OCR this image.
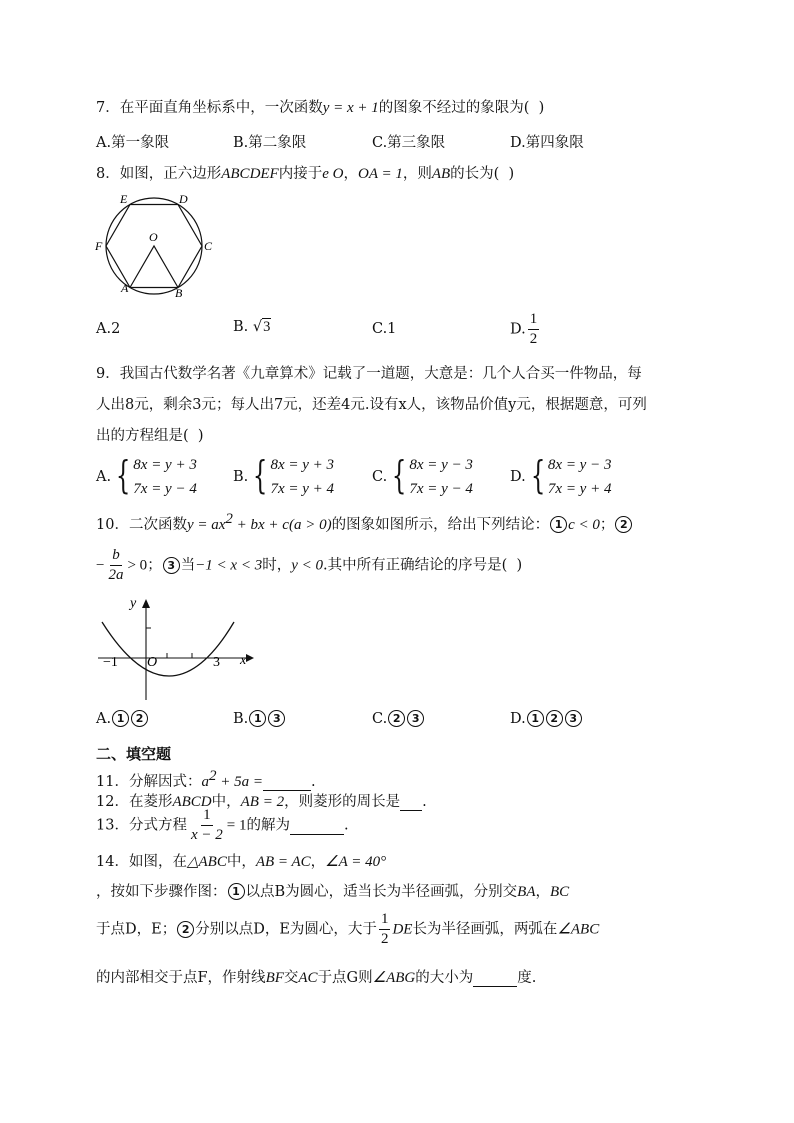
7．在平面直角坐标系中，一次函数y = x + 1的图象不经过的象限为(  )
A.第一象限	B.第二象限	C.第三象限	D.第四象限
8．如图，正六边形ABCDEF内接于e O，OA = 1，则AB的长为(  )
E	D
F	C
O
A	B
A.2	B. √3	C.1	D. $\frac{1}{2}$
9．我国古代数学名著《九章算术》记载了一道题，大意是：几个人合买一件物品，每
人出8元，剩余3元；每人出7元，还差4元.设有x人，该物品价值y元，根据题意，可列
出的方程组是(  )
A. { 8x = y + 3
7x = y − 4
B. { 8x = y + 3
7x = y + 4
C. { 8x = y − 3
7x = y − 4
D. { 8x = y − 3
7x = y + 4
10．二次函数$y = ax^2$ + bx + c(a > 0)的图象如图所示，给出下列结论： 1 c < 0； 2
− $\frac{b}{2a} > 0$； 3 当−1 < x < 3时，y < 0.其中所有正确结论的序号是(  )
y
x
−1 O	3
A. 1 2	B. 1 3	C. 2 3	D. 1 2 3
二、填空题
11．分解因式：$a^2 + 5a$ =	.
12．在菱形ABCD中，AB = 2，则菱形的周长是 .
13．分式方程 $\frac{1}{x - 2} = 1$的解为	.
14．如图，在△ABC中，AB = AC，∠A = 40°
，按如下步骤作图： 1 以点B为圆心，适当长为半径画弧，分别交BA，BC
于点D，E； 2 分别以点D，E为圆心，大于 $\frac{1}{2}$ DE长为半径画弧，两弧在∠ABC
的内部相交于点F，作射线BF交AC于点G则∠ABG的大小为	度.
